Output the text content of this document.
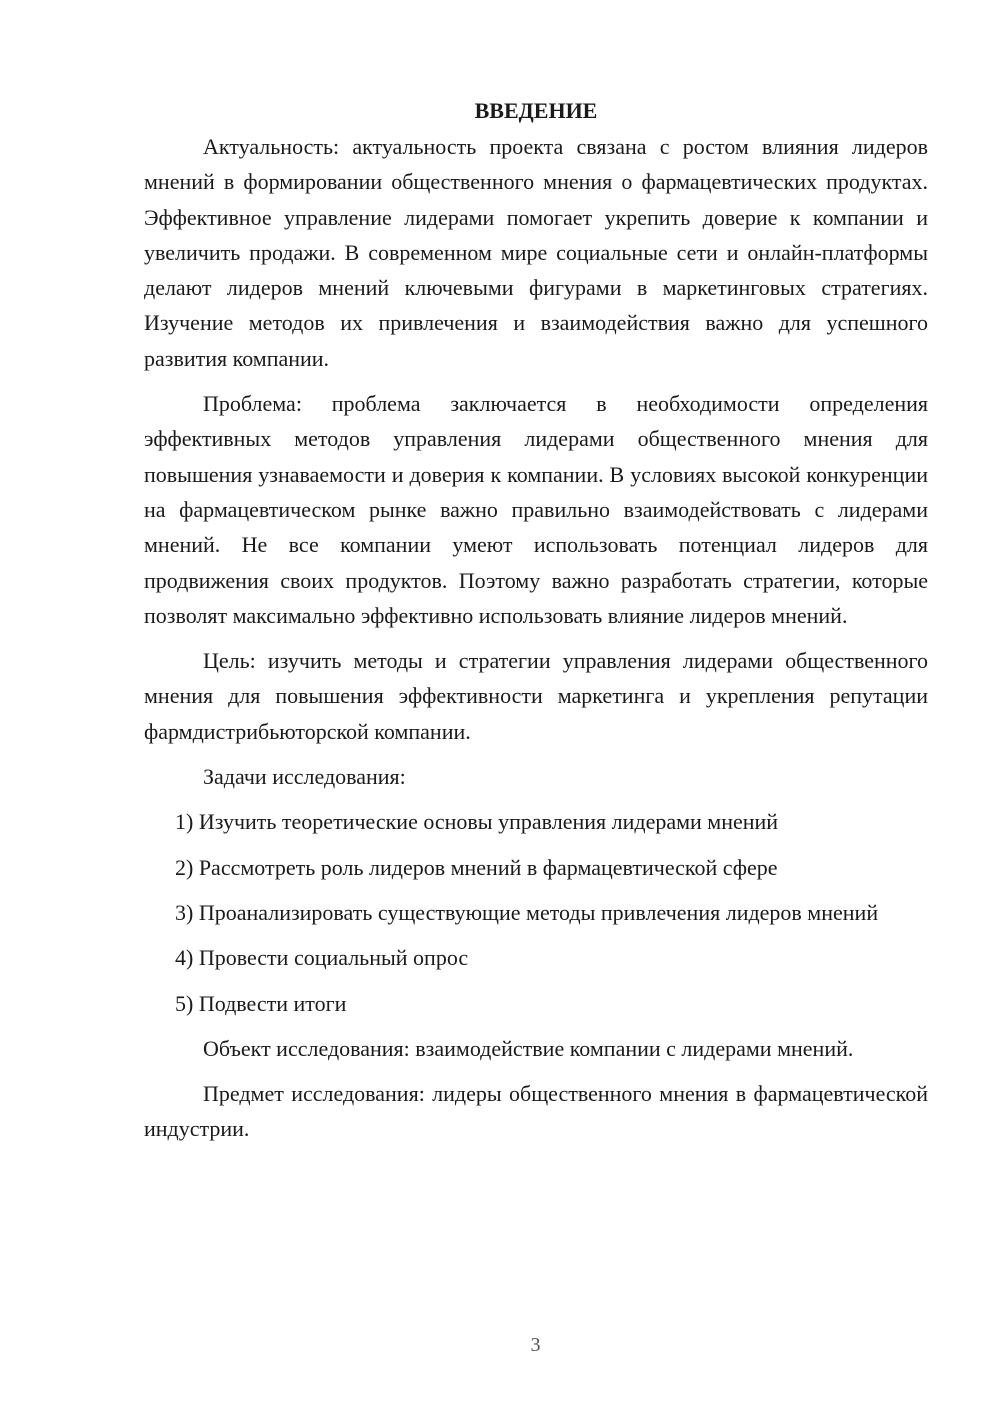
ВВЕДЕНИЕ

Актуальность: актуальность проекта связана с ростом влияния лидеров мнений в формировании общественного мнения о фармацевтических продуктах. Эффективное управление лидерами помогает укрепить доверие к компании и увеличить продажи. В современном мире социальные сети и онлайн-платформы делают лидеров мнений ключевыми фигурами в маркетинговых стратегиях. Изучение методов их привлечения и взаимодействия важно для успешного развития компании.

Проблема: проблема заключается в необходимости определения эффективных методов управления лидерами общественного мнения для повышения узнаваемости и доверия к компании. В условиях высокой конкуренции на фармацевтическом рынке важно правильно взаимодействовать с лидерами мнений. Не все компании умеют использовать потенциал лидеров для продвижения своих продуктов. Поэтому важно разработать стратегии, которые позволят максимально эффективно использовать влияние лидеров мнений.

Цель: изучить методы и стратегии управления лидерами общественного мнения для повышения эффективности маркетинга и укрепления репутации фармдистрибьюторской компании.

Задачи исследования:

1) Изучить теоретические основы управления лидерами мнений

2) Рассмотреть роль лидеров мнений в фармацевтической сфере

3) Проанализировать существующие методы привлечения лидеров мнений

4) Провести социальный опрос

5) Подвести итоги

Объект исследования: взаимодействие компании с лидерами мнений.

Предмет исследования: лидеры общественного мнения в фармацевтической индустрии.

3
